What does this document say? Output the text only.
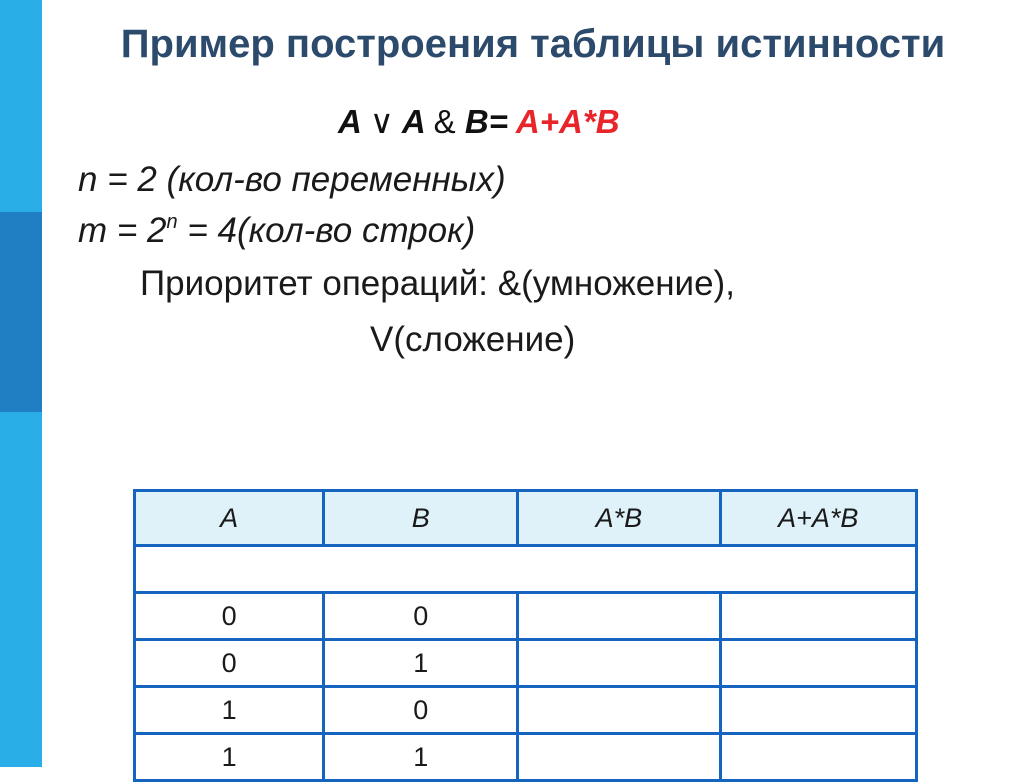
Пример построения таблицы истинности
A ∨ A & B= A+A*B
n = 2 (кол-во переменных)
$m = 2^n = 4(кол-во$ строк)
Приоритет операций: &(умножение),
V(сложение)
A	B	A*B	A+A*B

0	0		
0	1		
1	0		
1	1		
